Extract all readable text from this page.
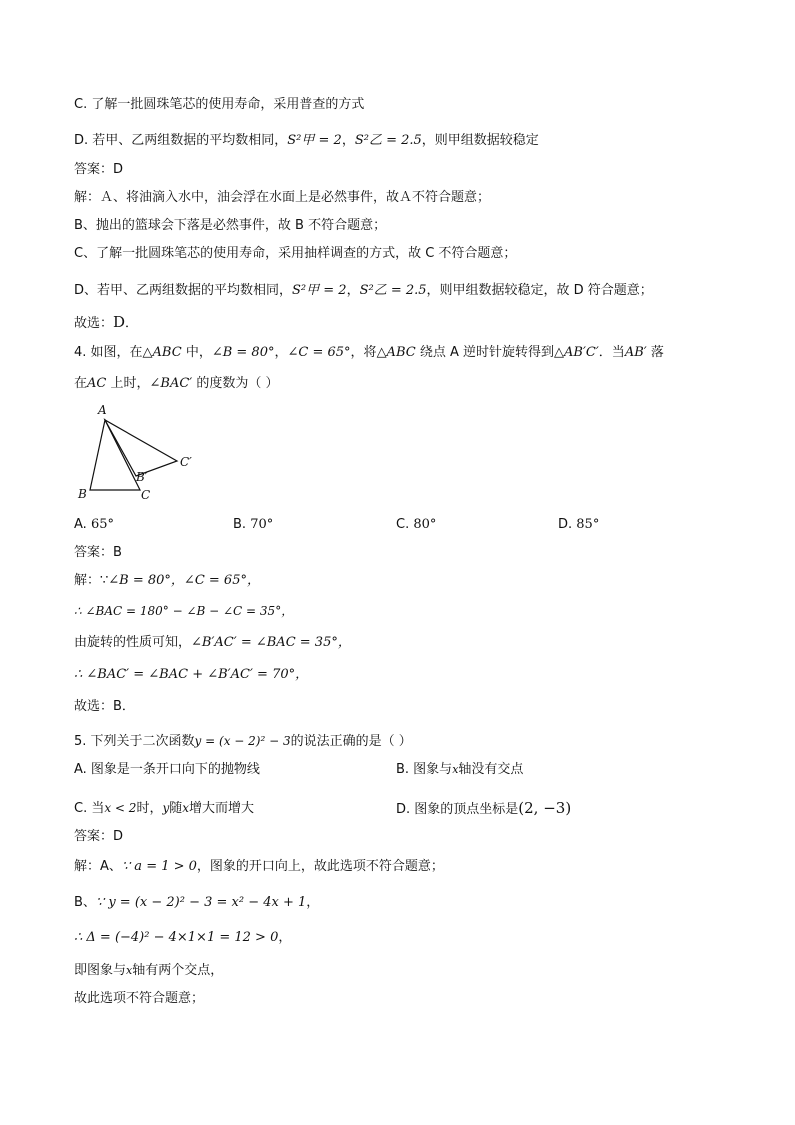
C. 了解一批圆珠笔芯的使用寿命，采用普查的方式
D. 若甲、乙两组数据的平均数相同，S²甲 = 2，S²乙 = 2.5，则甲组数据较稳定
答案：D
解：Ａ、将油滴入水中，油会浮在水面上是必然事件，故Ａ不符合题意；
B、抛出的篮球会下落是必然事件，故 B 不符合题意；
C、了解一批圆珠笔芯的使用寿命，采用抽样调查的方式，故 C 不符合题意；
D、若甲、乙两组数据的平均数相同，S²甲 = 2，S²乙 = 2.5，则甲组数据较稳定，故 D 符合题意；
故选：D．
4. 如图，在△ABC 中，∠B = 80°，∠C = 65°，将△ABC 绕点 A 逆时针旋转得到△AB′C′．当AB′ 落
在AC 上时，∠BAC′ 的度数为（ ）
A
B	C
B′
C′
A. 65°	B. 70°	C. 80°	D. 85°
答案：B
解：∵∠B = 80°，∠C = 65°，
∴ ∠BAC = 180° − ∠B − ∠C = 35°，
由旋转的性质可知，∠B′AC′ = ∠BAC = 35°，
∴ ∠BAC′ = ∠BAC + ∠B′AC′ = 70°，
故选：B．
5. 下列关于二次函数y = (x − 2)² − 3的说法正确的是（ ）
A. 图象是一条开口向下的抛物线	B. 图象与x轴没有交点
C. 当x < 2时，y随x增大而增大	D. 图象的顶点坐标是(2, −3)
答案：D
解：A、∵ a = 1 > 0，图象的开口向上，故此选项不符合题意；
B、∵ y = (x − 2)² − 3 = x² − 4x + 1，
∴ Δ = (−4)² − 4×1×1 = 12 > 0，
即图象与x轴有两个交点，
故此选项不符合题意；
